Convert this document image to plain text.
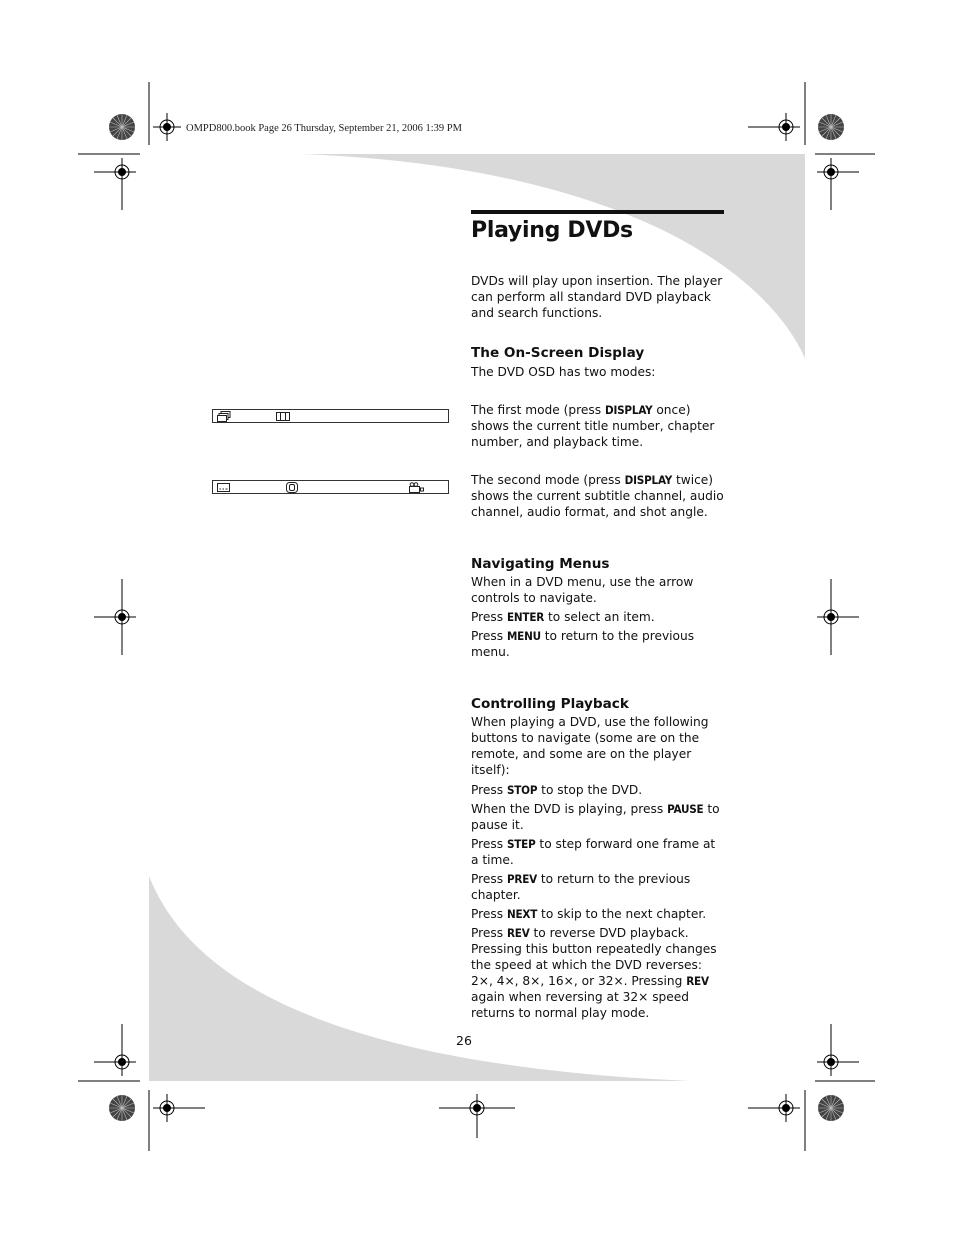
OMPD800.book Page 26 Thursday, September 21, 2006 1:39 PM
Playing DVDs

DVDs will play upon insertion. The player can perform all standard DVD playback and search functions.

The On-Screen Display

The DVD OSD has two modes:

The first mode (press DISPLAY once) shows the current title number, chapter number, and playback time.

The second mode (press DISPLAY twice) shows the current subtitle channel, audio channel, audio format, and shot angle.

Navigating Menus

When in a DVD menu, use the arrow controls to navigate.

Press ENTER to select an item.

Press MENU to return to the previous menu.

Controlling Playback

When playing a DVD, use the following buttons to navigate (some are on the remote, and some are on the player itself):

Press STOP to stop the DVD.

When the DVD is playing, press PAUSE to pause it.

Press STEP to step forward one frame at a time.

Press PREV to return to the previous chapter.

Press NEXT to skip to the next chapter.

Press REV to reverse DVD playback. Pressing this button repeatedly changes the speed at which the DVD reverses: 2×, 4×, 8×, 16×, or 32×. Pressing REV again when reversing at 32× speed returns to normal play mode.

26
